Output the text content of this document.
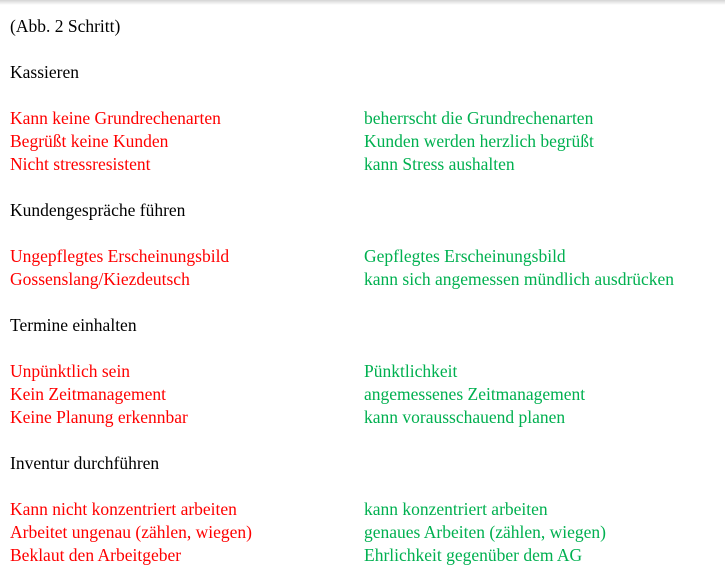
(Abb. 2 Schritt)
Kassieren
Kann keine Grundrechenarten	beherrscht die Grundrechenarten
Begrüßt keine Kunden	Kunden werden herzlich begrüßt
Nicht stressresistent	kann Stress aushalten
Kundengespräche führen
Ungepflegtes Erscheinungsbild	Gepflegtes Erscheinungsbild
Gossenslang/Kiezdeutsch	kann sich angemessen mündlich ausdrücken
Termine einhalten
Unpünktlich sein	Pünktlichkeit
Kein Zeitmanagement	angemessenes Zeitmanagement
Keine Planung erkennbar	kann vorausschauend planen
Inventur durchführen
Kann nicht konzentriert arbeiten	kann konzentriert arbeiten
Arbeitet ungenau (zählen, wiegen)	genaues Arbeiten (zählen, wiegen)
Beklaut den Arbeitgeber	Ehrlichkeit gegenüber dem AG
